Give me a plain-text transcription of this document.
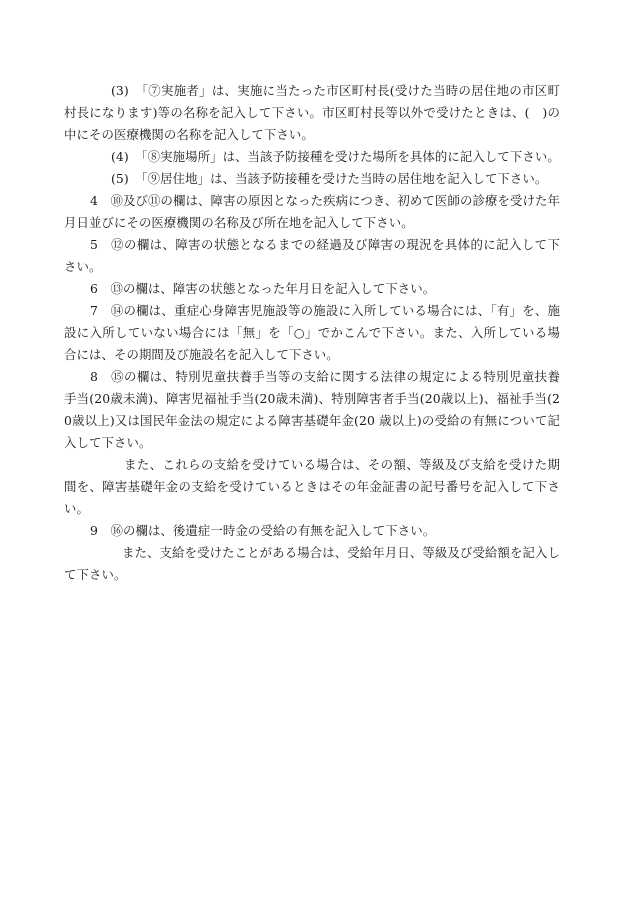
(3)　「⑦実施者」は、実施に当たった市区町村長(受けた当時の居住地の市区町村長になります)等の名称を記入して下さい。市区町村長等以外で受けたときは、(　)の中にその医療機関の名称を記入して下さい。

(4)　「⑧実施場所」は、当該予防接種を受けた場所を具体的に記入して下さい。

(5)　「⑨居住地」は、当該予防接種を受けた当時の居住地を記入して下さい。

4　⑩及び⑪の欄は、障害の原因となった疾病につき、初めて医師の診療を受けた年月日並びにその医療機関の名称及び所在地を記入して下さい。

5　⑫の欄は、障害の状態となるまでの経過及び障害の現況を具体的に記入して下さい。

6　⑬の欄は、障害の状態となった年月日を記入して下さい。

7　⑭の欄は、重症心身障害児施設等の施設に入所している場合には、「有」を、施設に入所していない場合には「無」を「○」でかこんで下さい。また、入所している場合には、その期間及び施設名を記入して下さい。

8　⑮の欄は、特別児童扶養手当等の支給に関する法律の規定による特別児童扶養手当(20歳未満)、障害児福祉手当(20歳未満)、特別障害者手当(20歳以上)、福祉手当(20歳以上)又は国民年金法の規定による障害基礎年金(20 歳以上)の受給の有無について記入して下さい。

また、これらの支給を受けている場合は、その額、等級及び支給を受けた期間を、障害基礎年金の支給を受けているときはその年金証書の記号番号を記入して下さい。

9　⑯の欄は、後遺症一時金の受給の有無を記入して下さい。

また、支給を受けたことがある場合は、受給年月日、等級及び受給額を記入して下さい。
